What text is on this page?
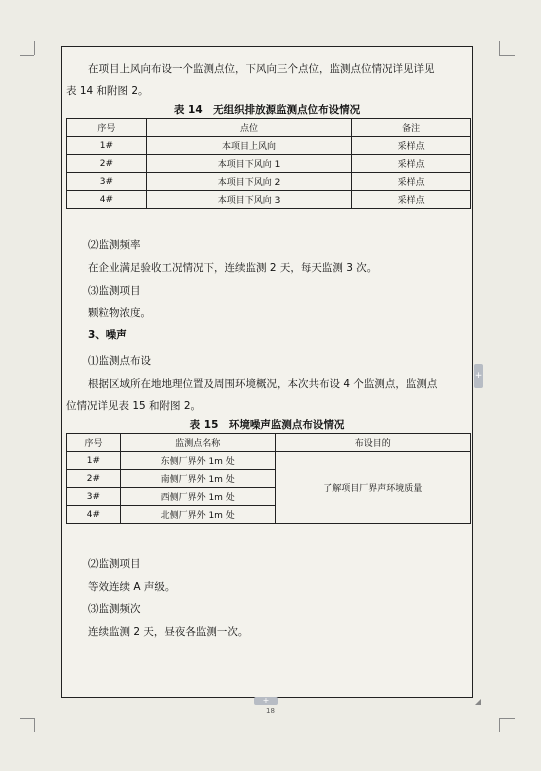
在项目上风向布设一个监测点位，下风向三个点位，监测点位情况详见详见
表 14 和附图 2。
表 14　无组织排放源监测点位布设情况
序号	点位	备注
1#	本项目上风向	采样点
2#	本项目下风向 1	采样点
3#	本项目下风向 2	采样点
4#	本项目下风向 3	采样点
⑵监测频率
在企业满足验收工况情况下，连续监测 2 天，每天监测 3 次。
⑶监测项目
颗粒物浓度。
3、噪声
⑴监测点布设
根据区域所在地地理位置及周围环境概况，本次共布设 4 个监测点，监测点
位情况详见表 15 和附图 2。
表 15　环境噪声监测点布设情况
序号	监测点名称	布设目的
1#	东侧厂界外 1m 处	了解项目厂界声环境质量
2#	南侧厂界外 1m 处	
3#	西侧厂界外 1m 处	
4#	北侧厂界外 1m 处	
⑵监测项目
等效连续 A 声级。
⑶监测频次
连续监测 2 天，昼夜各监测一次。
+
+
18
